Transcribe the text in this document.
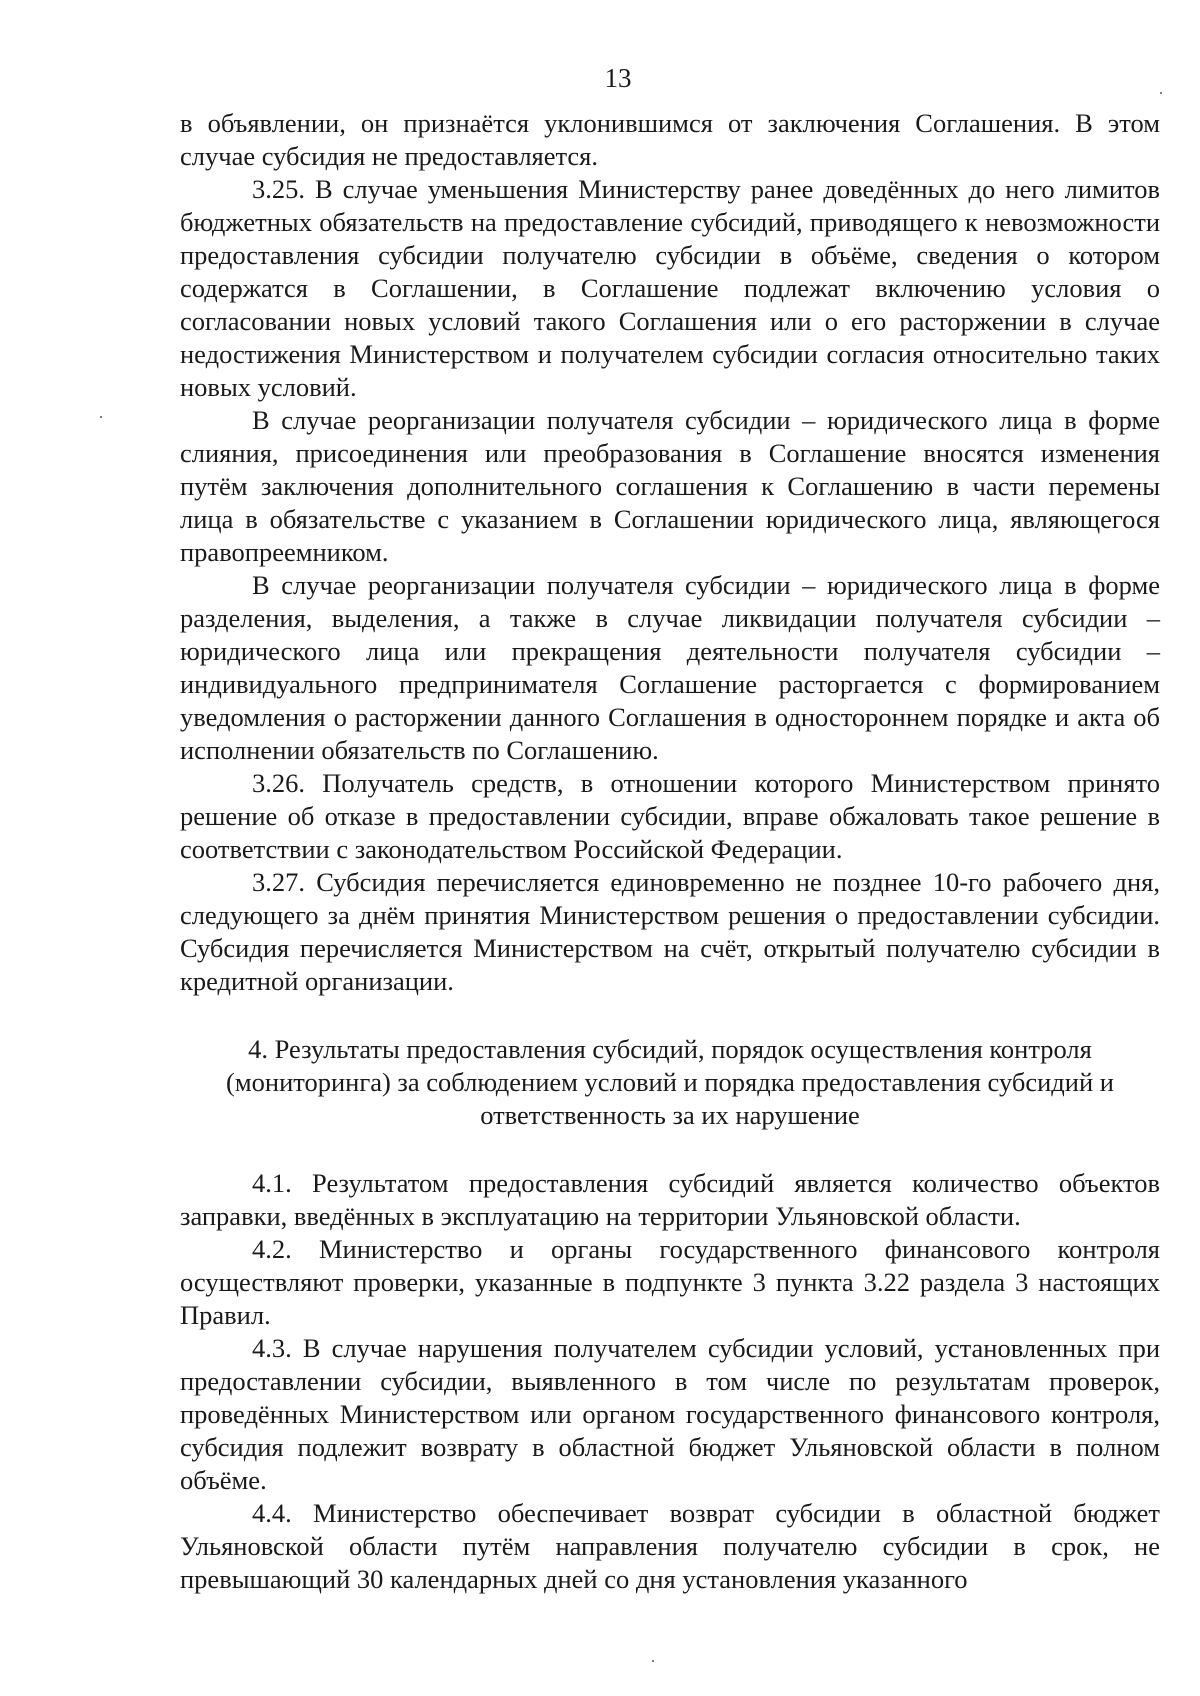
13

в объявлении, он признаётся уклонившимся от заключения Соглашения. В этом случае субсидия не предоставляется.

3.25. В случае уменьшения Министерству ранее доведённых до него лимитов бюджетных обязательств на предоставление субсидий, приводящего к невозможности предоставления субсидии получателю субсидии в объёме, сведения о котором содержатся в Соглашении, в Соглашение подлежат включению условия о согласовании новых условий такого Соглашения или о его расторжении в случае недостижения Министерством и получателем субсидии согласия относительно таких новых условий.

В случае реорганизации получателя субсидии – юридического лица в форме слияния, присоединения или преобразования в Соглашение вносятся изменения путём заключения дополнительного соглашения к Соглашению в части перемены лица в обязательстве с указанием в Соглашении юридического лица, являющегося правопреемником.

В случае реорганизации получателя субсидии – юридического лица в форме разделения, выделения, а также в случае ликвидации получателя субсидии – юридического лица или прекращения деятельности получателя субсидии – индивидуального предпринимателя Соглашение расторгается с формированием уведомления о расторжении данного Соглашения в одностороннем порядке и акта об исполнении обязательств по Соглашению.

3.26. Получатель средств, в отношении которого Министерством принято решение об отказе в предоставлении субсидии, вправе обжаловать такое решение в соответствии с законодательством Российской Федерации.

3.27. Субсидия перечисляется единовременно не позднее 10-го рабочего дня, следующего за днём принятия Министерством решения о предоставлении субсидии. Субсидия перечисляется Министерством на счёт, открытый получателю субсидии в кредитной организации.

4. Результаты предоставления субсидий, порядок осуществления контроля (мониторинга) за соблюдением условий и порядка предоставления субсидий и ответственность за их нарушение

4.1. Результатом предоставления субсидий является количество объектов заправки, введённых в эксплуатацию на территории Ульяновской области.

4.2. Министерство и органы государственного финансового контроля осуществляют проверки, указанные в подпункте 3 пункта 3.22 раздела 3 настоящих Правил.

4.3. В случае нарушения получателем субсидии условий, установленных при предоставлении субсидии, выявленного в том числе по результатам проверок, проведённых Министерством или органом государственного финансового контроля, субсидия подлежит возврату в областной бюджет Ульяновской области в полном объёме.

4.4. Министерство обеспечивает возврат субсидии в областной бюджет Ульяновской области путём направления получателю субсидии в срок, не превышающий 30 календарных дней со дня установления указанного
